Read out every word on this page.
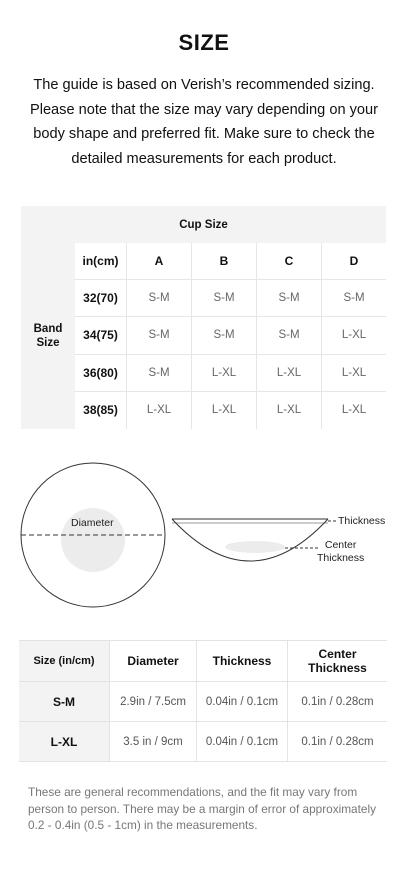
SIZE

The guide is based on Verish’s recommended sizing. Please note that the size may vary depending on your body shape and preferred fit. Make sure to check the detailed measurements for each product.

Cup Size
Band
Size
in(cm)	A	B	C	D
32(70)	S-M	S-M	S-M	S-M
34(75)	S-M	S-M	S-M	L-XL
36(80)	S-M	L-XL	L-XL	L-XL
38(85)	L-XL	L-XL	L-XL	L-XL
Diameter	Thickness
Center
Thickness
Size (in/cm)	Diameter	Thickness	Center
Thickness
S-M	2.9in / 7.5cm	0.04in / 0.1cm	0.1in / 0.28cm
L-XL	3.5 in / 9cm	0.04in / 0.1cm	0.1in / 0.28cm

These are general recommendations, and the fit may vary from person to person. There may be a margin of error of approximately 0.2 - 0.4in (0.5 - 1cm) in the measurements.
